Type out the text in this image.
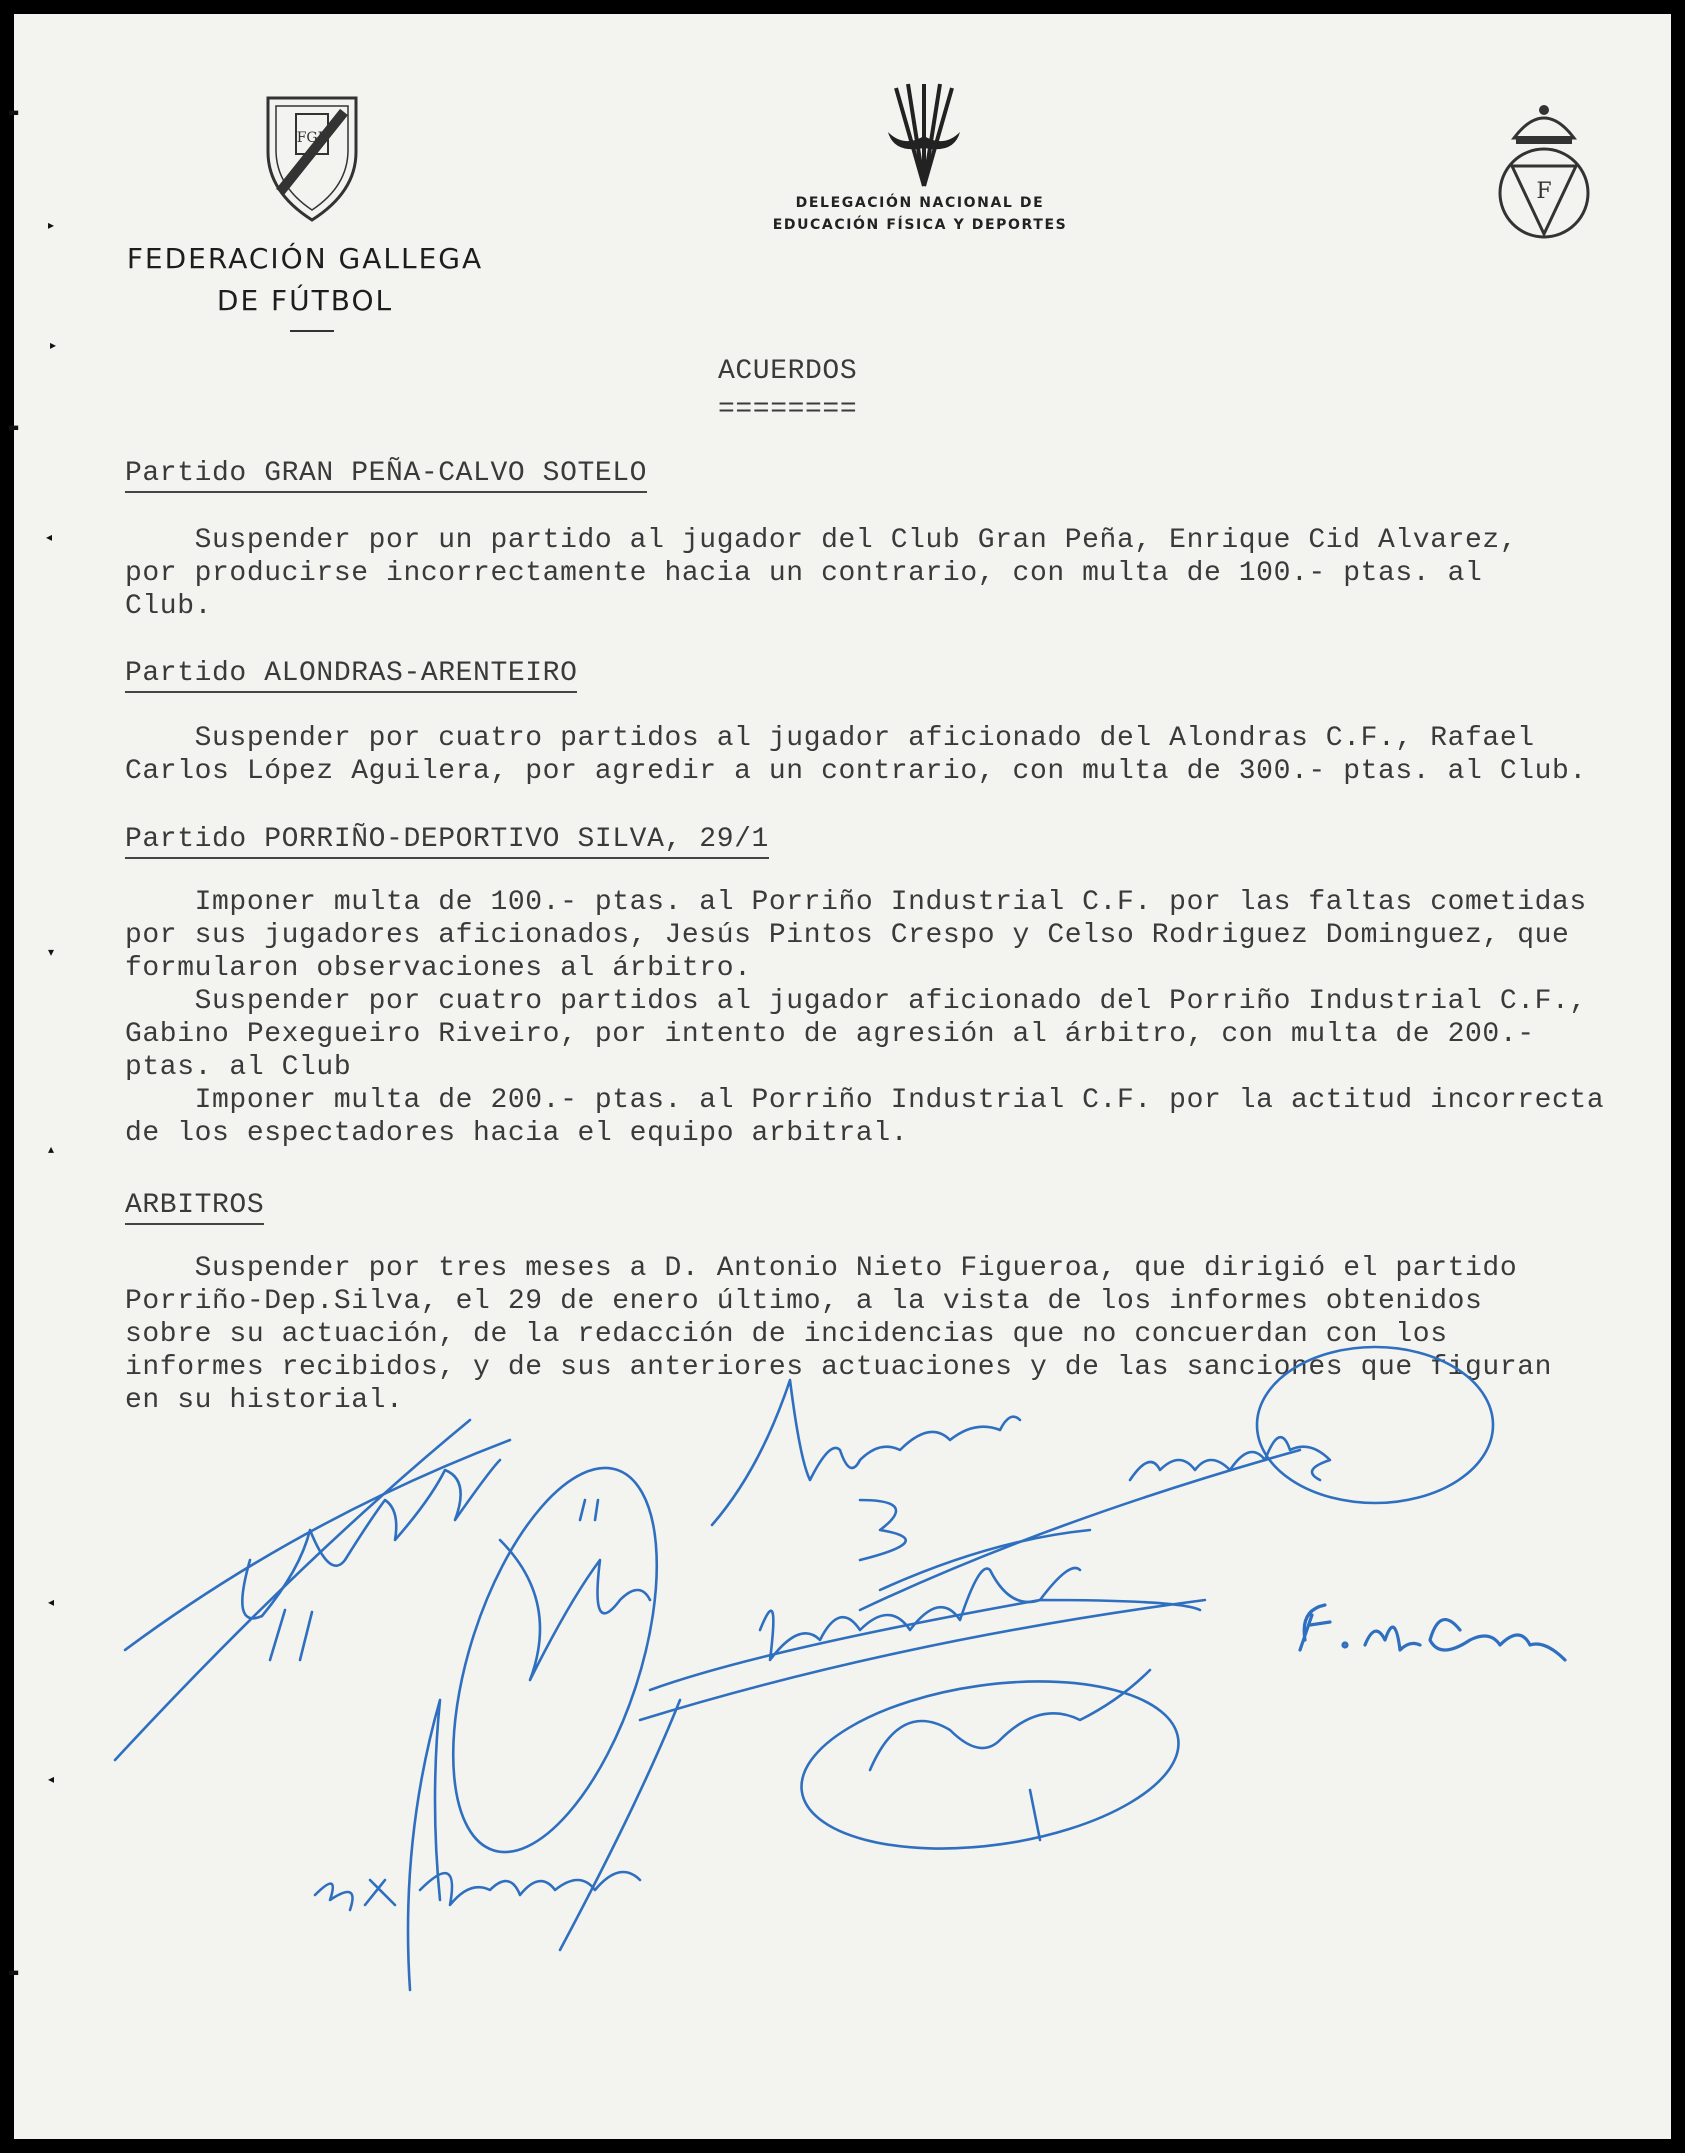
▬
▸
▸
▬
◂
▾
▴
◂
◂
▬
FGF
F
FEDERACIÓN GALLEGA
DE FÚTBOL
DELEGACIÓN NACIONAL DE
EDUCACIÓN FÍSICA Y DEPORTES
ACUERDOS
========
Partido GRAN PEÑA-CALVO SOTELO
Suspender por un partido al jugador del Club Gran Peña, Enrique Cid Alvarez,
por producirse incorrectamente hacia un contrario, con multa de 100.- ptas. al
Club.
Partido ALONDRAS-ARENTEIRO
Suspender por cuatro partidos al jugador aficionado del Alondras C.F., Rafael
Carlos López Aguilera, por agredir a un contrario, con multa de 300.- ptas. al Club.
Partido PORRIÑO-DEPORTIVO SILVA, 29/1
Imponer multa de 100.- ptas. al Porriño Industrial C.F. por las faltas cometidas
por sus jugadores aficionados, Jesús Pintos Crespo y Celso Rodriguez Dominguez, que
formularon observaciones al árbitro.
Suspender por cuatro partidos al jugador aficionado del Porriño Industrial C.F.,
Gabino Pexegueiro Riveiro, por intento de agresión al árbitro, con multa de 200.-
ptas. al Club
Imponer multa de 200.- ptas. al Porriño Industrial C.F. por la actitud incorrecta
de los espectadores hacia el equipo arbitral.
ARBITROS
Suspender por tres meses a D. Antonio Nieto Figueroa, que dirigió el partido
Porriño-Dep.Silva, el 29 de enero último, a la vista de los informes obtenidos
sobre su actuación, de la redacción de incidencias que no concuerdan con los
informes recibidos, y de sus anteriores actuaciones y de las sanciones que figuran
en su historial.
